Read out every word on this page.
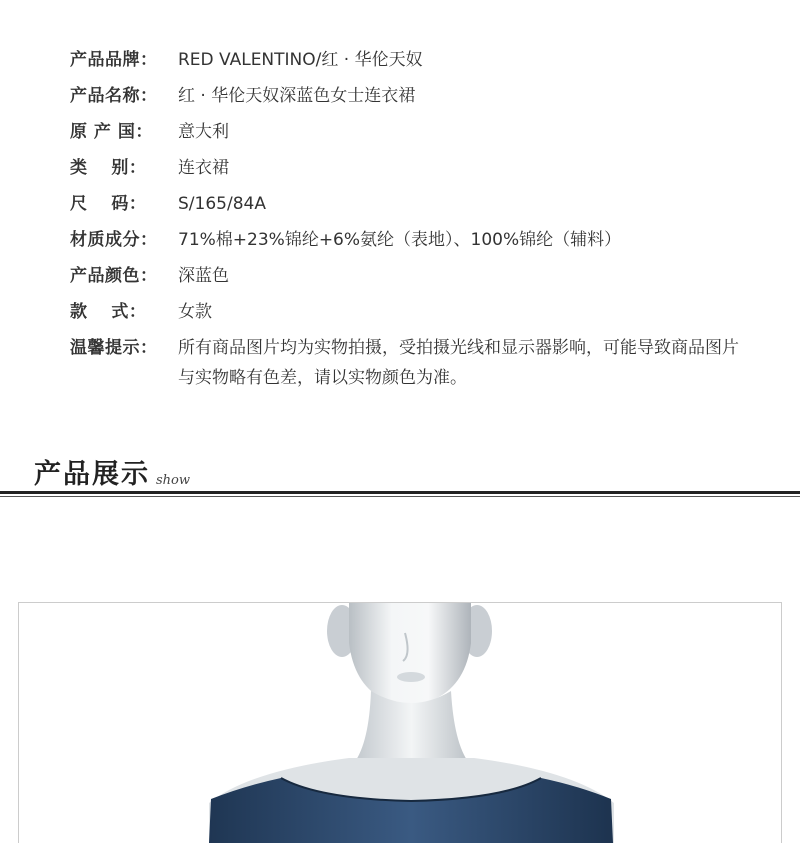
产品品牌：	RED VALENTINO/红 · 华伦天奴
产品名称：	红 · 华伦天奴深蓝色女士连衣裙
原 产 国：	意大利
类　 别：	连衣裙
尺　 码：	S/165/84A
材质成分：	71%棉+23%锦纶+6%氨纶（表地）、100%锦纶（辅料）
产品颜色：	深蓝色
款　 式：	女款
温馨提示：	所有商品图片均为实物拍摄，受拍摄光线和显示器影响，可能导致商品图片与实物略有色差，请以实物颜色为准。
产品展示 show
